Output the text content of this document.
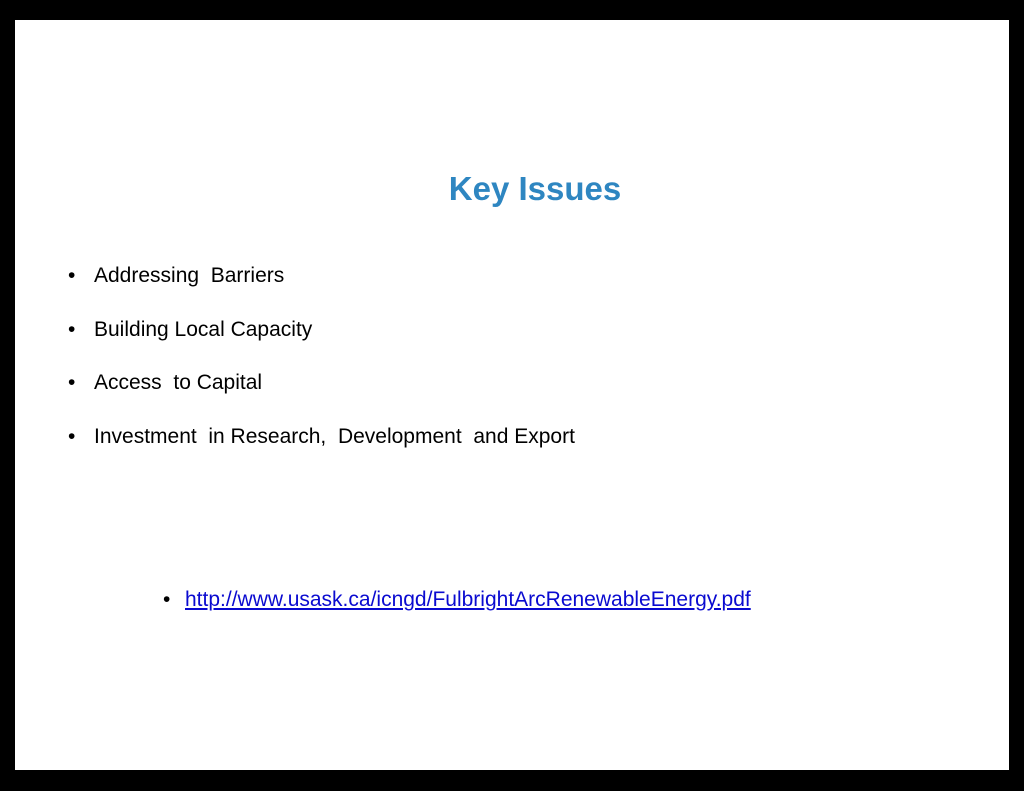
Key Issues
• Addressing  Barriers
• Building Local Capacity
• Access  to Capital
• Investment  in Research,  Development  and Export
• http://www.usask.ca/icngd/FulbrightArcRenewableEnergy.pdf
